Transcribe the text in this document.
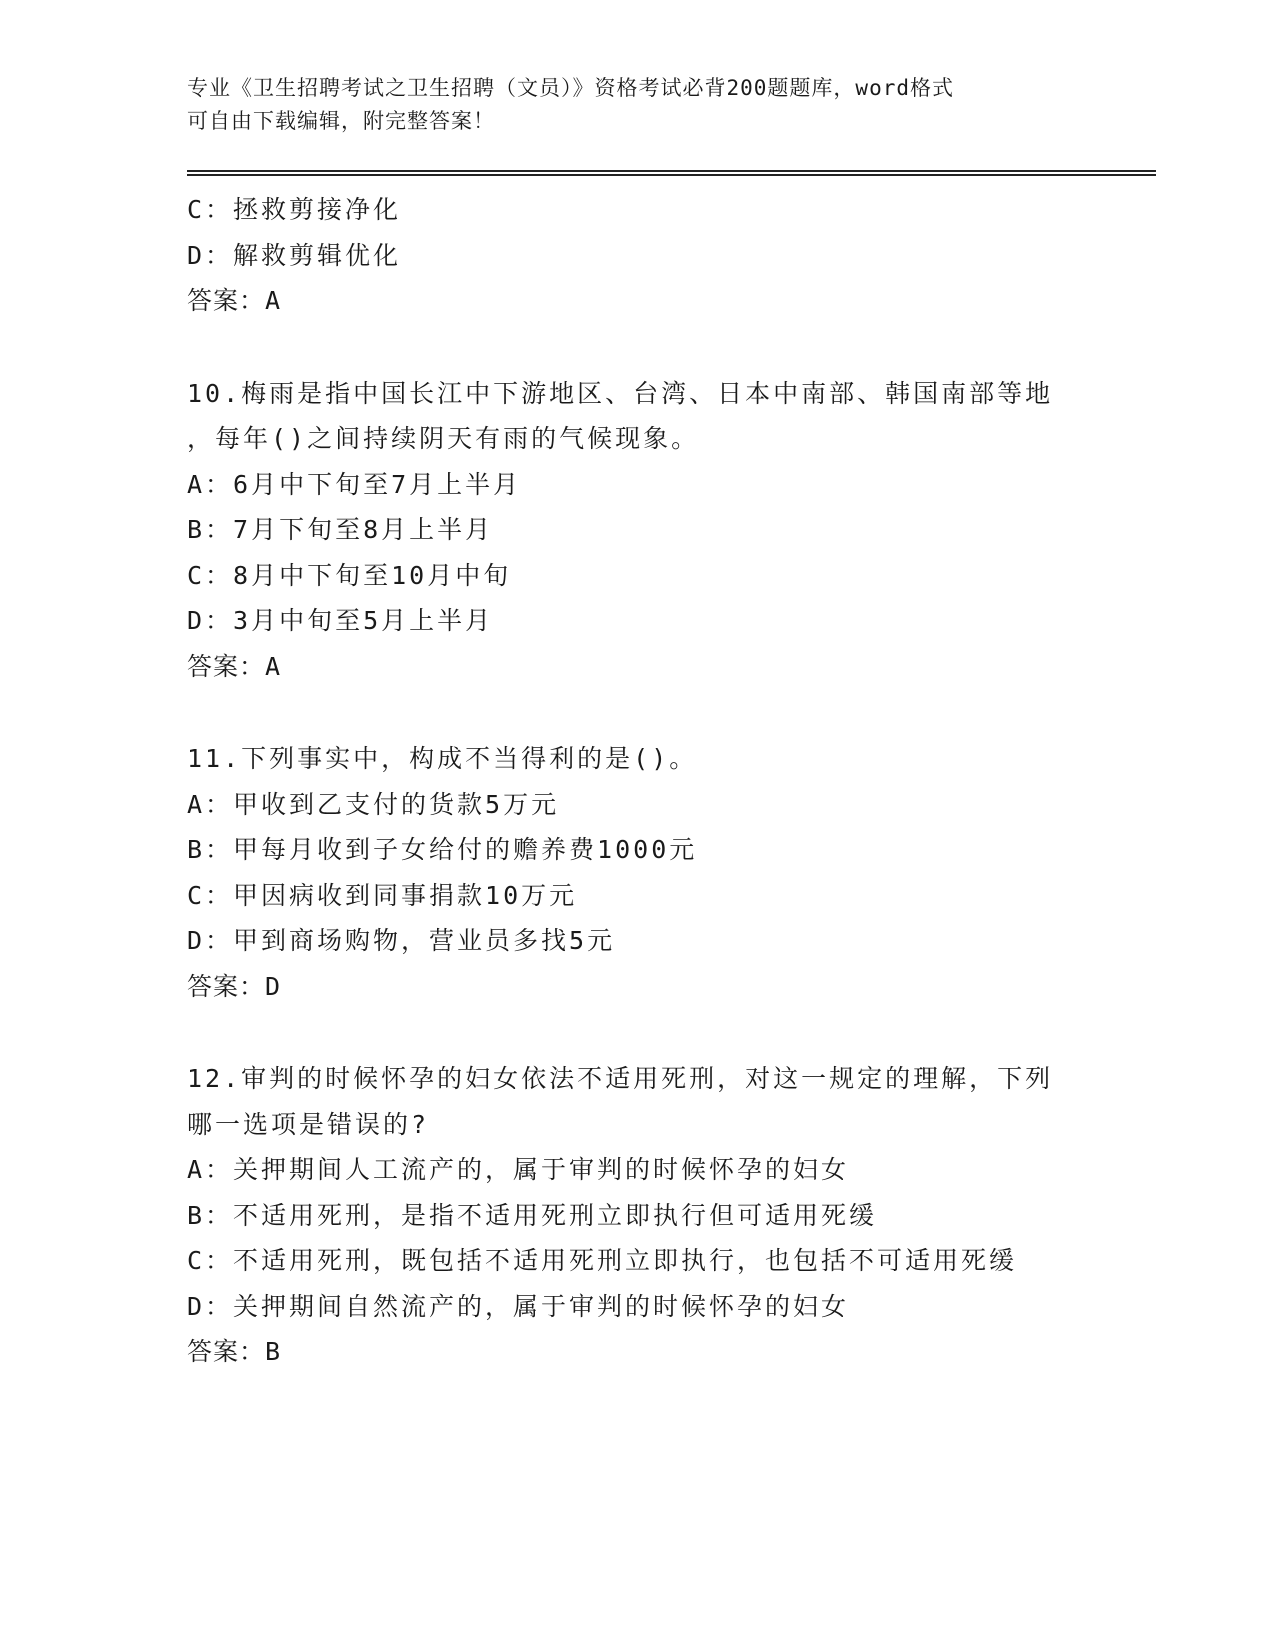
专业《卫生招聘考试之卫生招聘（文员）》资格考试必背200题题库，word格式
可自由下载编辑，附完整答案！
C：拯救剪接净化
D：解救剪辑优化
答案：A
10.梅雨是指中国长江中下游地区、台湾、日本中南部、韩国南部等地
，每年()之间持续阴天有雨的气候现象。
A：6月中下旬至7月上半月
B：7月下旬至8月上半月
C：8月中下旬至10月中旬
D：3月中旬至5月上半月
答案：A
11.下列事实中，构成不当得利的是()。
A：甲收到乙支付的货款5万元
B：甲每月收到子女给付的赡养费1000元
C：甲因病收到同事捐款10万元
D：甲到商场购物，营业员多找5元
答案：D
12.审判的时候怀孕的妇女依法不适用死刑，对这一规定的理解，下列
哪一选项是错误的?
A：关押期间人工流产的，属于审判的时候怀孕的妇女
B：不适用死刑，是指不适用死刑立即执行但可适用死缓
C：不适用死刑，既包括不适用死刑立即执行，也包括不可适用死缓
D：关押期间自然流产的，属于审判的时候怀孕的妇女
答案：B
